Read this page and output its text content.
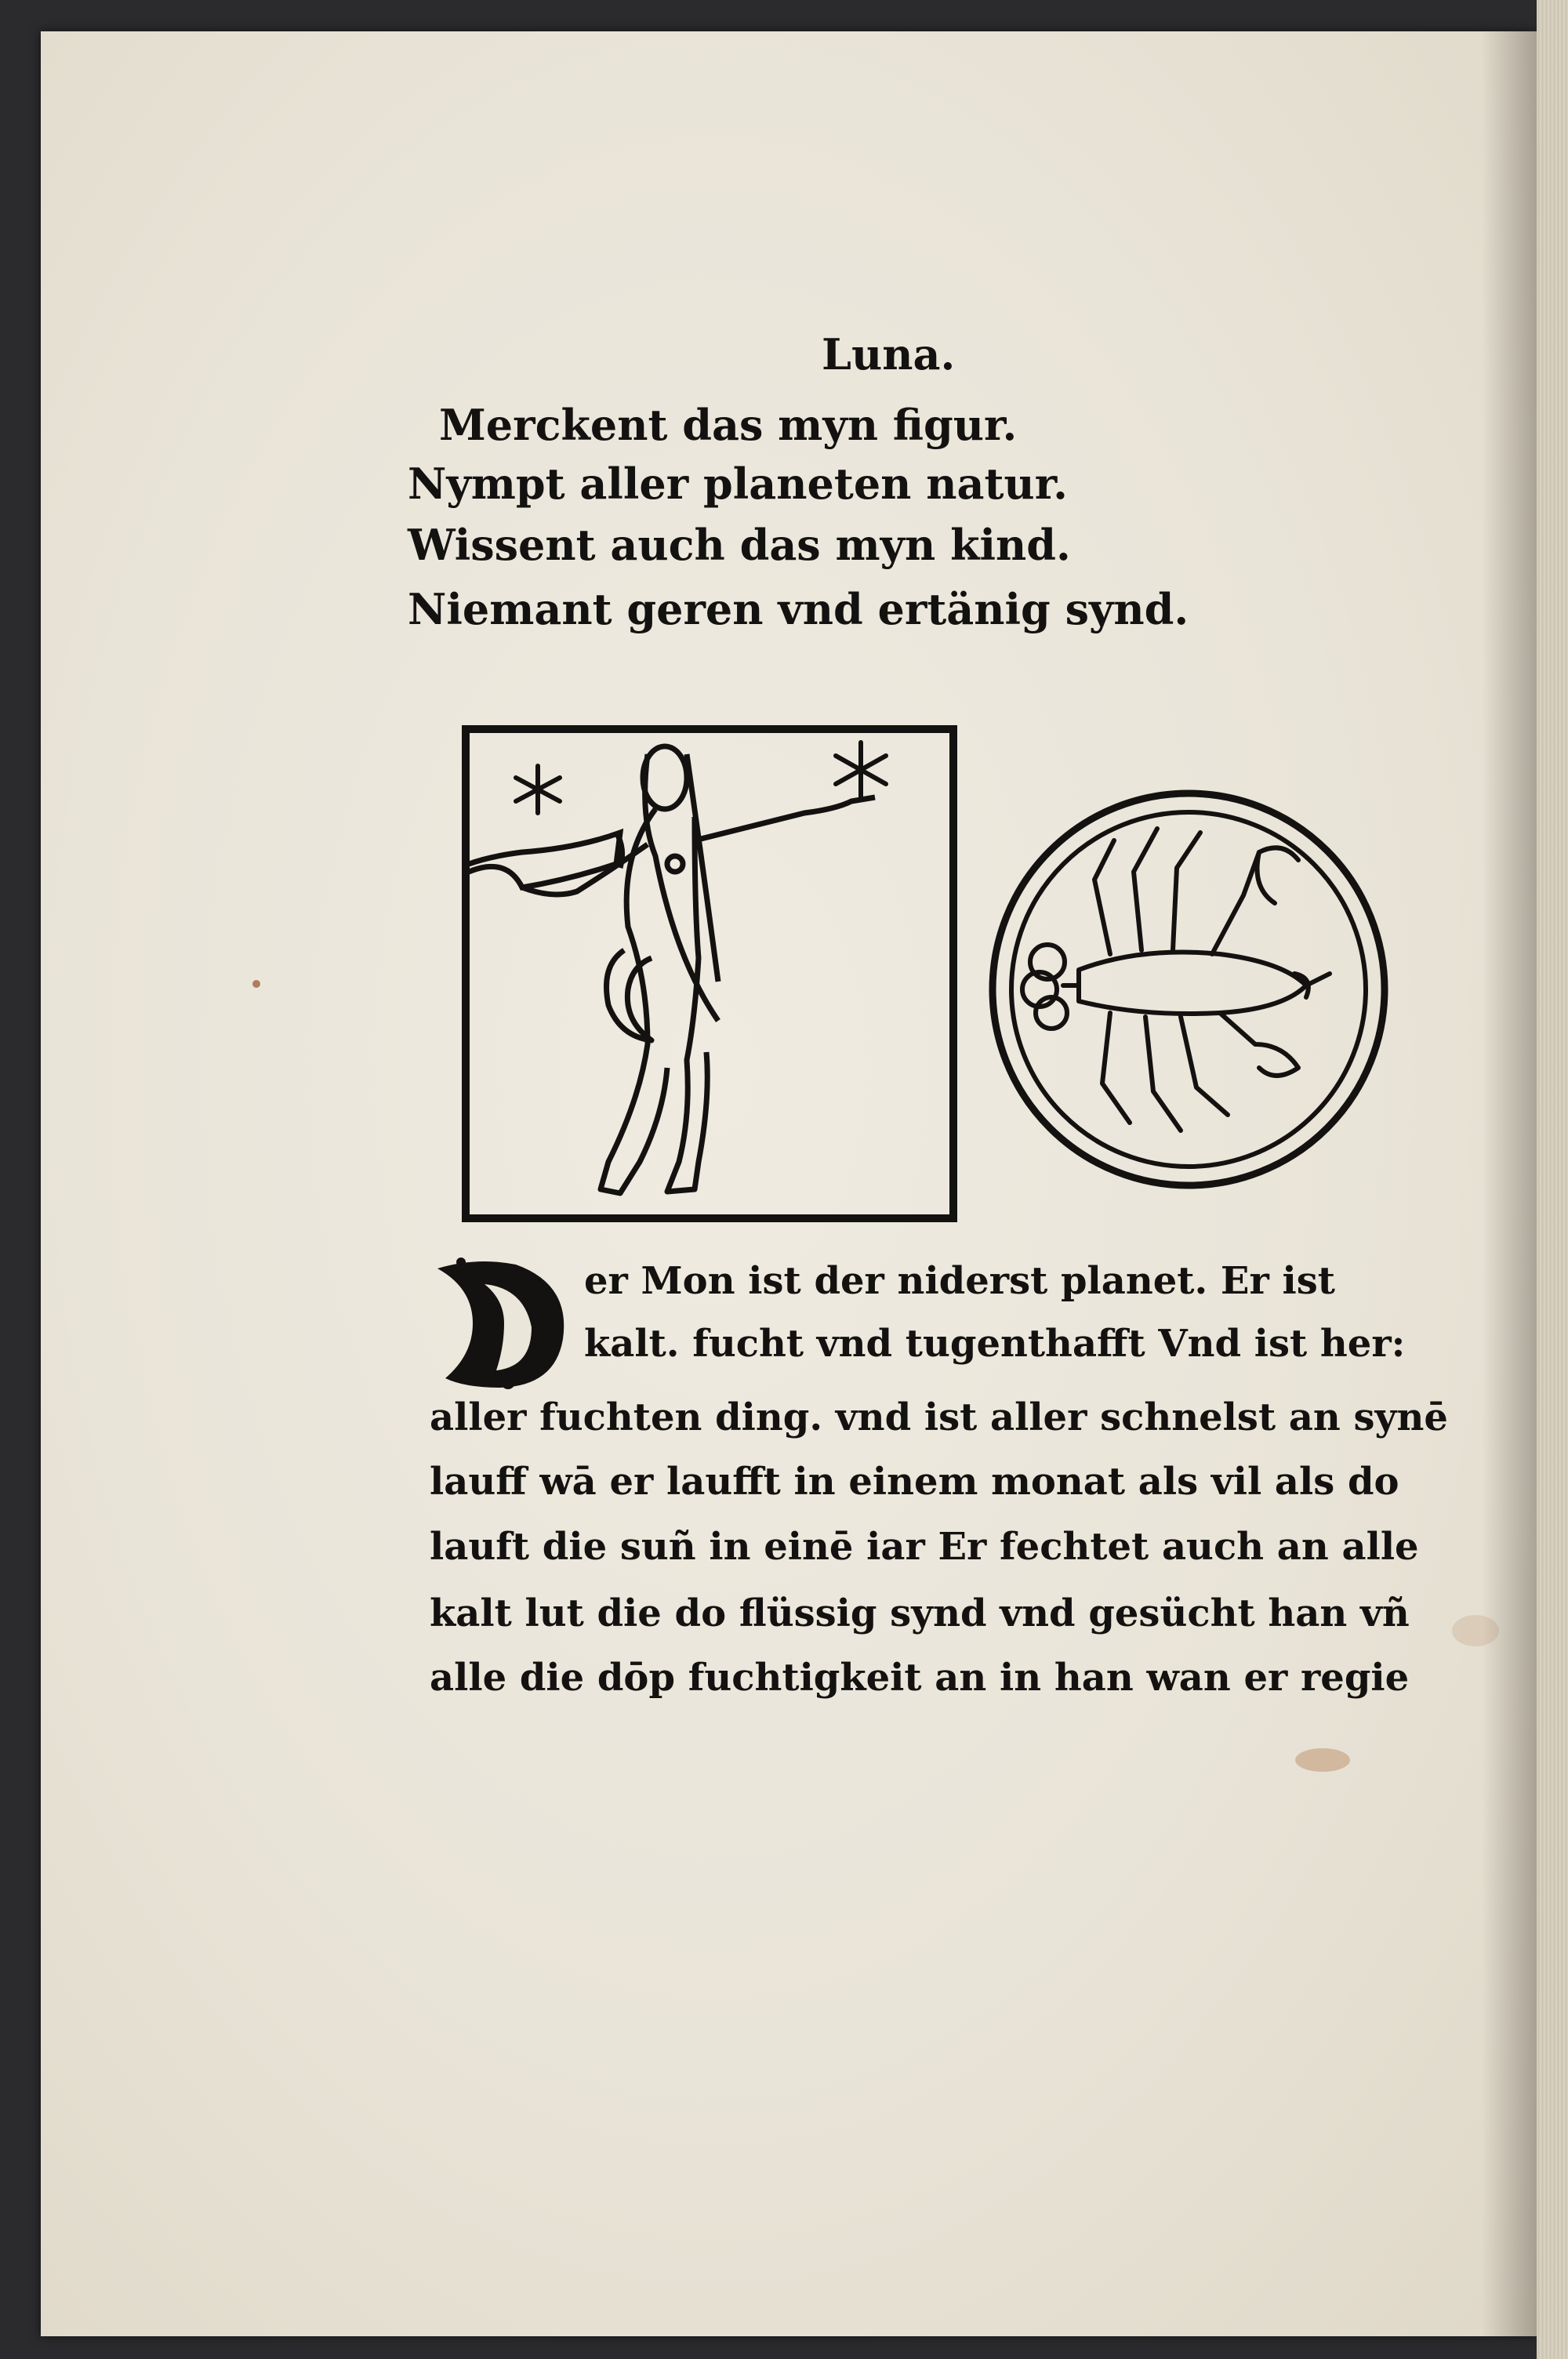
Luna.
Merckent das myn figur.
Nympt aller planeten natur.
Wissent auch das myn kind.
Niemant geren vnd ertänig synd.
er Mon ist der niderst planet. Er ist
kalt. fucht vnd tugenthafft Vnd ist her:
aller fuchten ding. vnd ist aller schnelst an synē
lauff wā er laufft in einem monat als vil als do
lauft die suñ in einē iar Er fechtet auch an alle
kalt lut die do flüssig synd vnd gesücht han vñ
alle die dōp fuchtigkeit an in han wan er regie
